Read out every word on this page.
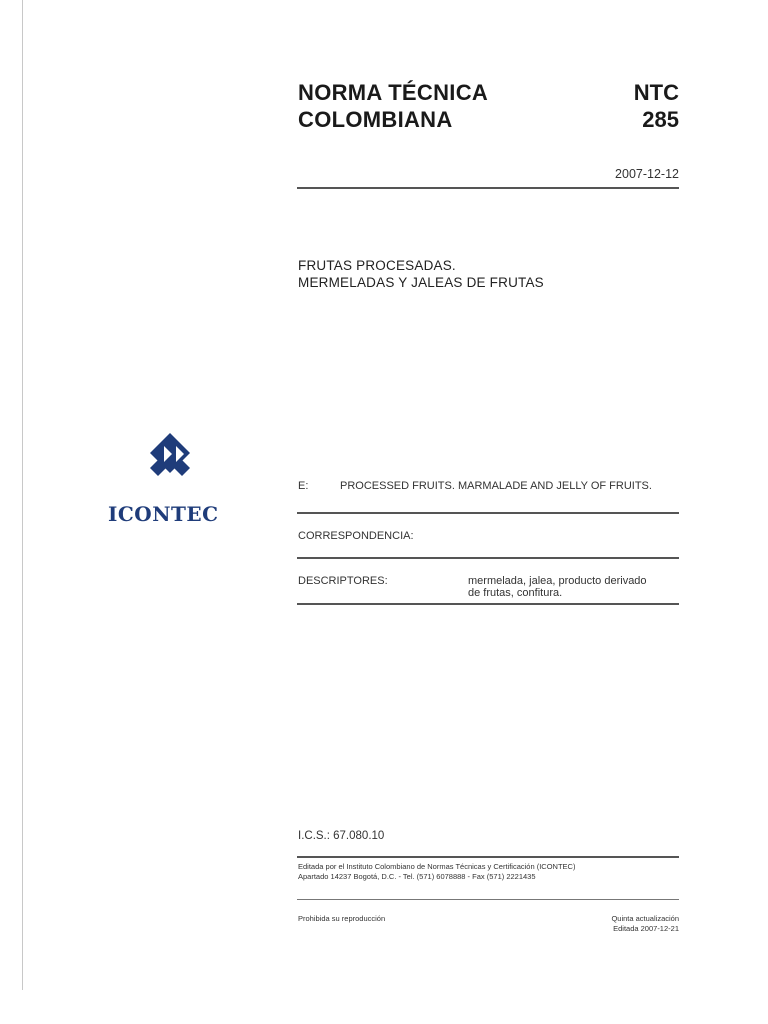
NORMA TÉCNICA
COLOMBIANA
NTC
285
2007-12-12
FRUTAS PROCESADAS.
MERMELADAS Y JALEAS DE FRUTAS
ICONTEC
E:	PROCESSED FRUITS. MARMALADE AND JELLY OF FRUITS.
CORRESPONDENCIA:
DESCRIPTORES:	mermelada, jalea, producto derivado
de frutas, confitura.
I.C.S.: 67.080.10
Editada por el Instituto Colombiano de Normas Técnicas y Certificación (ICONTEC)
Apartado 14237 Bogotá, D.C. - Tel. (571) 6078888 - Fax (571) 2221435
Prohibida su reproducción	Quinta actualización
Editada 2007-12-21
